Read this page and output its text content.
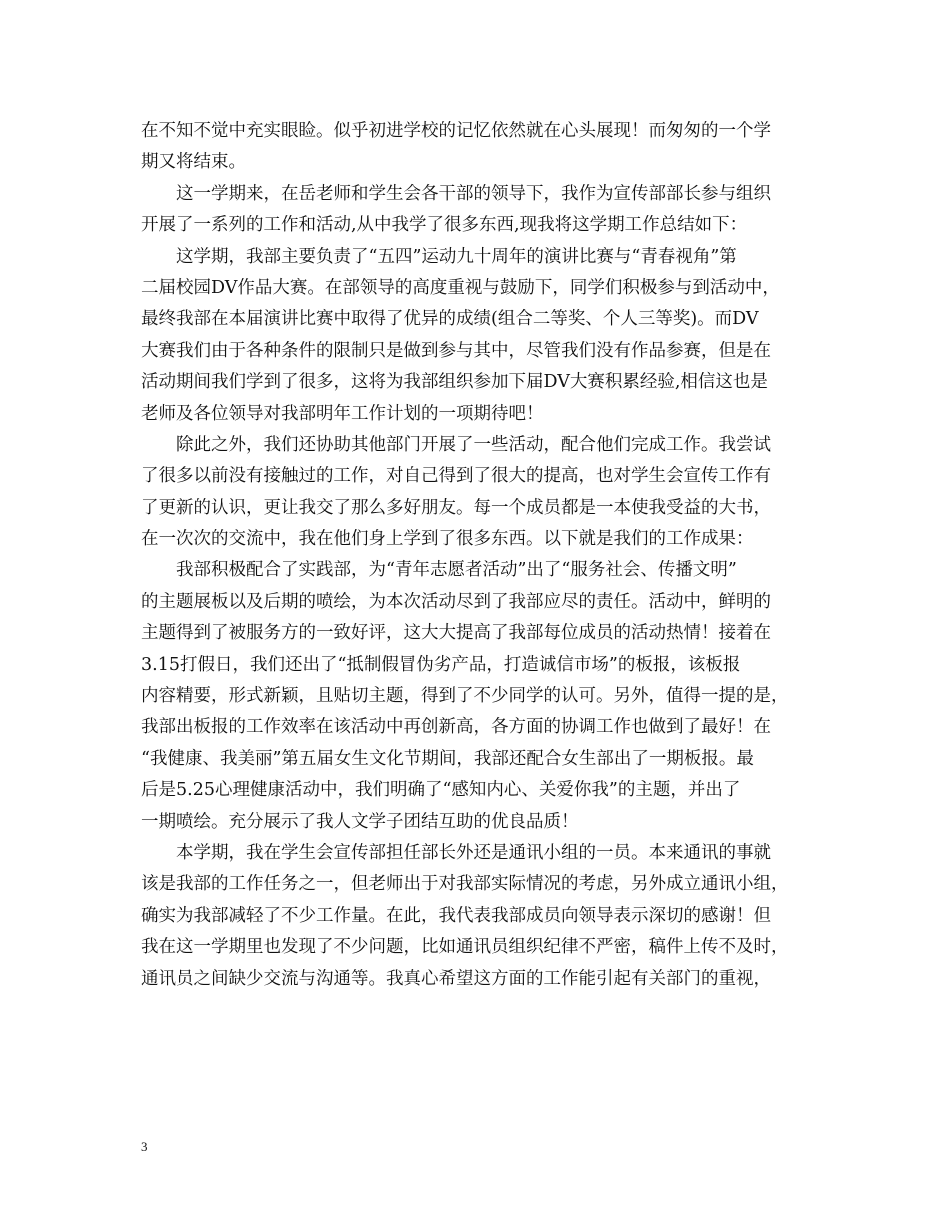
在不知不觉中充实眼睑。似乎初进学校的记忆依然就在心头展现！而匆匆的一个学
期又将结束。
这一学期来，在岳老师和学生会各干部的领导下，我作为宣传部部长参与组织
开展了一系列的工作和活动,从中我学了很多东西,现我将这学期工作总结如下：
这学期，我部主要负责了“五四”运动九十周年的演讲比赛与“青春视角”第
二届校园DV作品大赛。在部领导的高度重视与鼓励下，同学们积极参与到活动中，
最终我部在本届演讲比赛中取得了优异的成绩(组合二等奖、个人三等奖)。而DV
大赛我们由于各种条件的限制只是做到参与其中，尽管我们没有作品参赛，但是在
活动期间我们学到了很多，这将为我部组织参加下届DV大赛积累经验,相信这也是
老师及各位领导对我部明年工作计划的一项期待吧！
除此之外，我们还协助其他部门开展了一些活动，配合他们完成工作。我尝试
了很多以前没有接触过的工作，对自己得到了很大的提高，也对学生会宣传工作有
了更新的认识，更让我交了那么多好朋友。每一个成员都是一本使我受益的大书，
在一次次的交流中，我在他们身上学到了很多东西。以下就是我们的工作成果：
我部积极配合了实践部，为“青年志愿者活动”出了“服务社会、传播文明”
的主题展板以及后期的喷绘，为本次活动尽到了我部应尽的责任。活动中，鲜明的
主题得到了被服务方的一致好评，这大大提高了我部每位成员的活动热情！接着在
3.15打假日，我们还出了“抵制假冒伪劣产品，打造诚信市场”的板报，该板报
内容精要，形式新颖，且贴切主题，得到了不少同学的认可。另外，值得一提的是，
我部出板报的工作效率在该活动中再创新高，各方面的协调工作也做到了最好！在
“我健康、我美丽”第五届女生文化节期间，我部还配合女生部出了一期板报。最
后是5.25心理健康活动中，我们明确了“感知内心、关爱你我”的主题，并出了
一期喷绘。充分展示了我人文学子团结互助的优良品质！
本学期，我在学生会宣传部担任部长外还是通讯小组的一员。本来通讯的事就
该是我部的工作任务之一，但老师出于对我部实际情况的考虑，另外成立通讯小组，
确实为我部减轻了不少工作量。在此，我代表我部成员向领导表示深切的感谢！但
我在这一学期里也发现了不少问题，比如通讯员组织纪律不严密，稿件上传不及时，
通讯员之间缺少交流与沟通等。我真心希望这方面的工作能引起有关部门的重视，
3
